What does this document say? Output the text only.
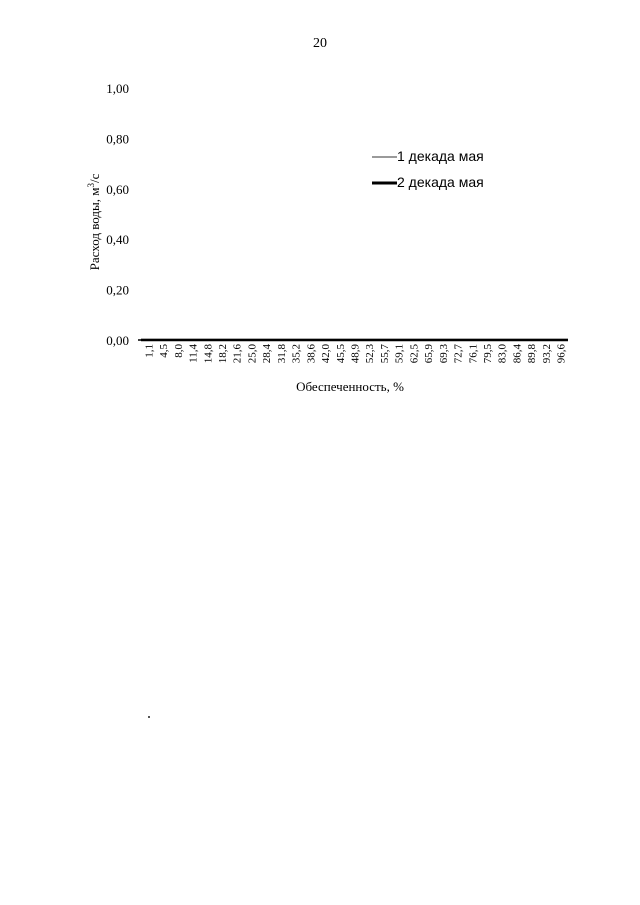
20
0,00
0,20
0,40
0,60
0,80
1,00
1,1 4,5 8,0 11,4 14,8 18,2 21,6 25,0 28,4 31,8 35,2 38,6 42,0 45,5 48,9 52,3 55,7 59,1 62,5 65,9 69,3 72,7 76,1 79,5 83,0 86,4 89,8 93,2 96,6
Расход воды, $м^3/с$
Обеспеченность, %
1 декада мая
2 декада мая
